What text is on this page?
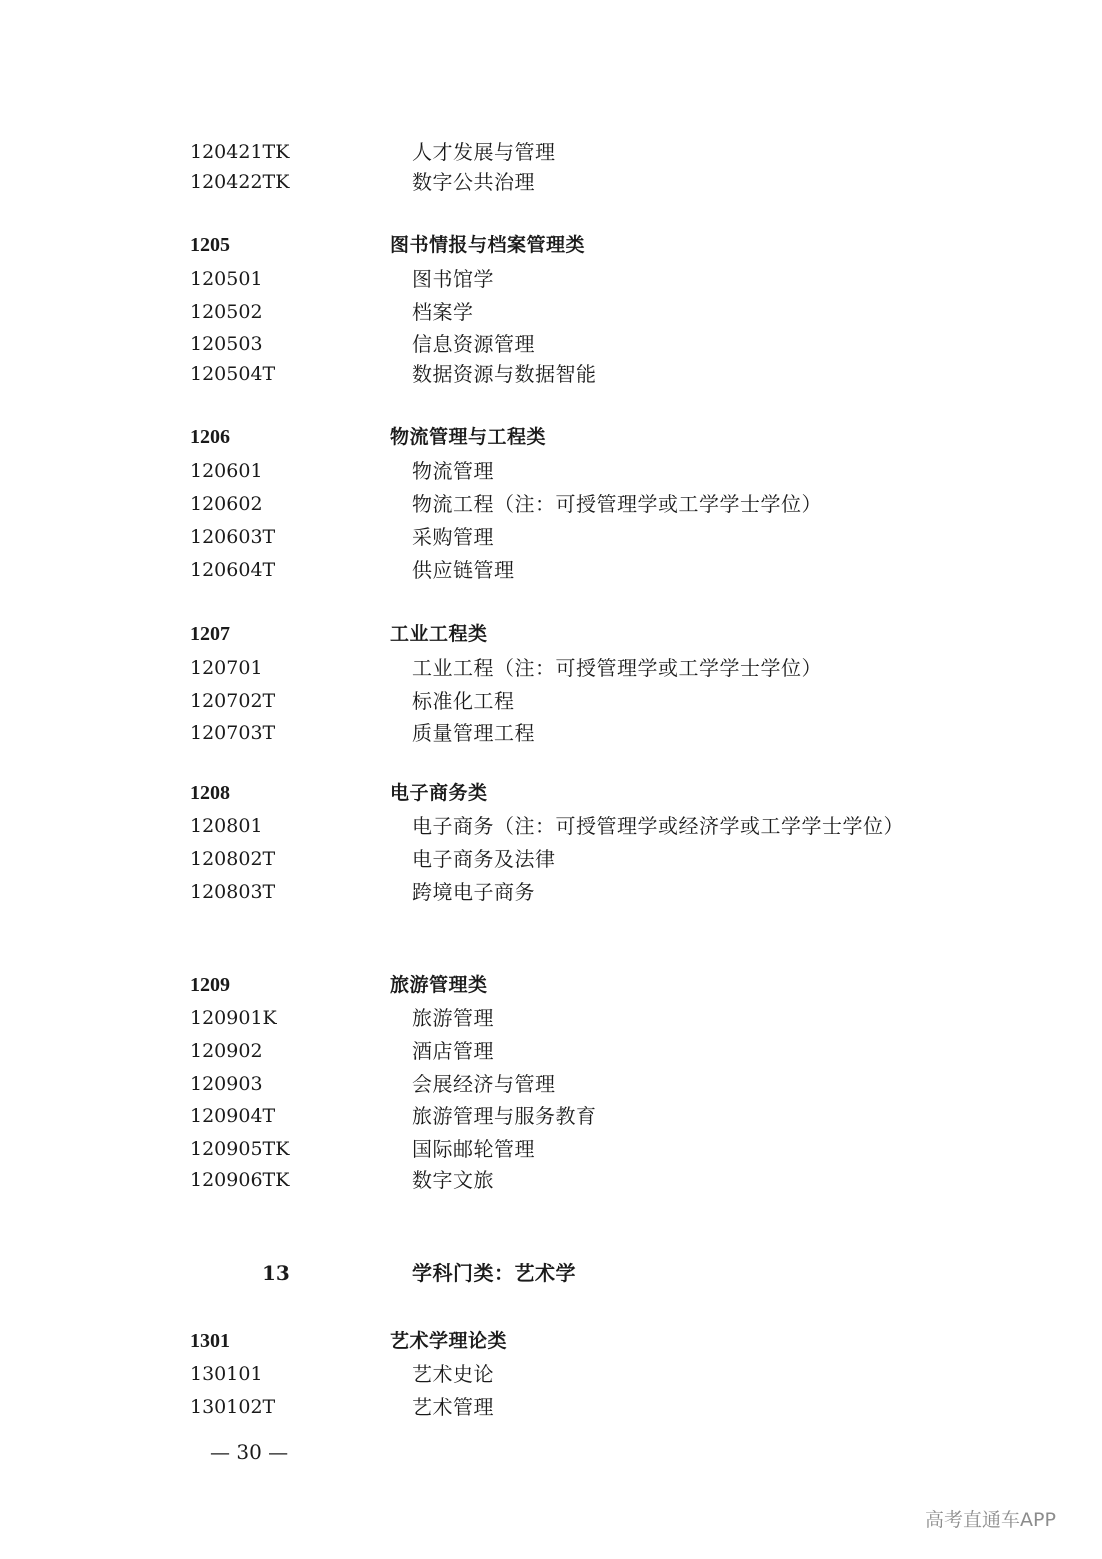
120421TK	人才发展与管理
120422TK	数字公共治理
1205	图书情报与档案管理类
120501	图书馆学
120502	档案学
120503	信息资源管理
120504T	数据资源与数据智能
1206	物流管理与工程类
120601	物流管理
120602	物流工程（注：可授管理学或工学学士学位）
120603T	采购管理
120604T	供应链管理
1207	工业工程类
120701	工业工程（注：可授管理学或工学学士学位）
120702T	标准化工程
120703T	质量管理工程
1208	电子商务类
120801	电子商务（注：可授管理学或经济学或工学学士学位）
120802T	电子商务及法律
120803T	跨境电子商务
1209	旅游管理类
120901K	旅游管理
120902	酒店管理
120903	会展经济与管理
120904T	旅游管理与服务教育
120905TK	国际邮轮管理
120906TK	数字文旅
13	学科门类：艺术学
1301	艺术学理论类
130101	艺术史论
130102T	艺术管理
— 30 —
高考直通车APP
